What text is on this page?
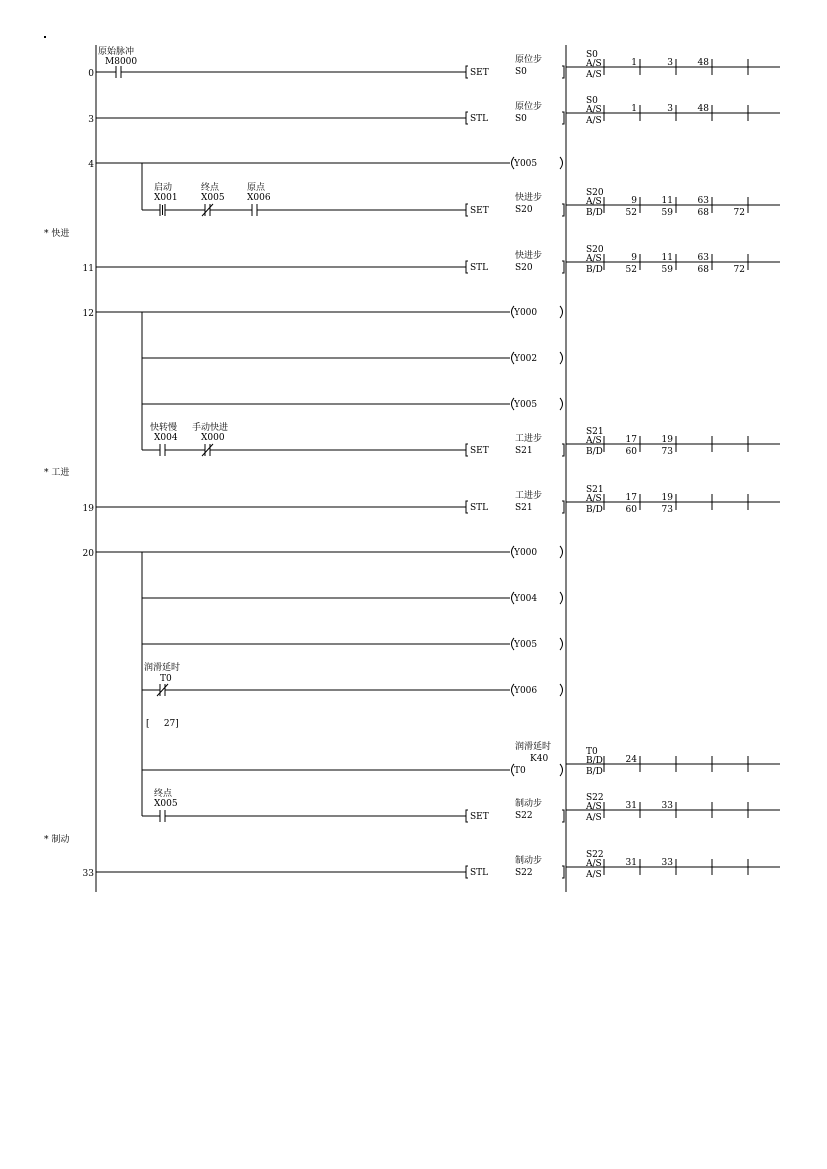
* 快进
* 工进
* 制动
0
原始脉冲
M8000
SET
原位步
S0
3	STL
原位步
S0
4	Y005
启动
X001
终点
X005
原点
X006
SET
快进步
S20
11	STL
快进步
S20
12	Y000
Y002
Y005
快转慢
X004
手动快进
X000
SET
工进步
S21
19	STL
工进步
S21
20	Y000
Y004
Y005
润滑延时
T0
Y006
[     27]
T0
润滑延时
K40
终点
X005
SET
制动步
S22
33	STL
制动步
S22
S0
A/S
A/S
1	3	48
S0
A/S
A/S
1	3	48
S20
A/S
B/D
9	11	63
52	59	68	72
S20
A/S
B/D
9	11	63
52	59	68	72
S21
A/S
B/D
17	19
60	73
S21
A/S
B/D
17	19
60	73
T0
B/D
B/D
24
S22
A/S
A/S
31	33
S22
A/S
A/S
31	33
